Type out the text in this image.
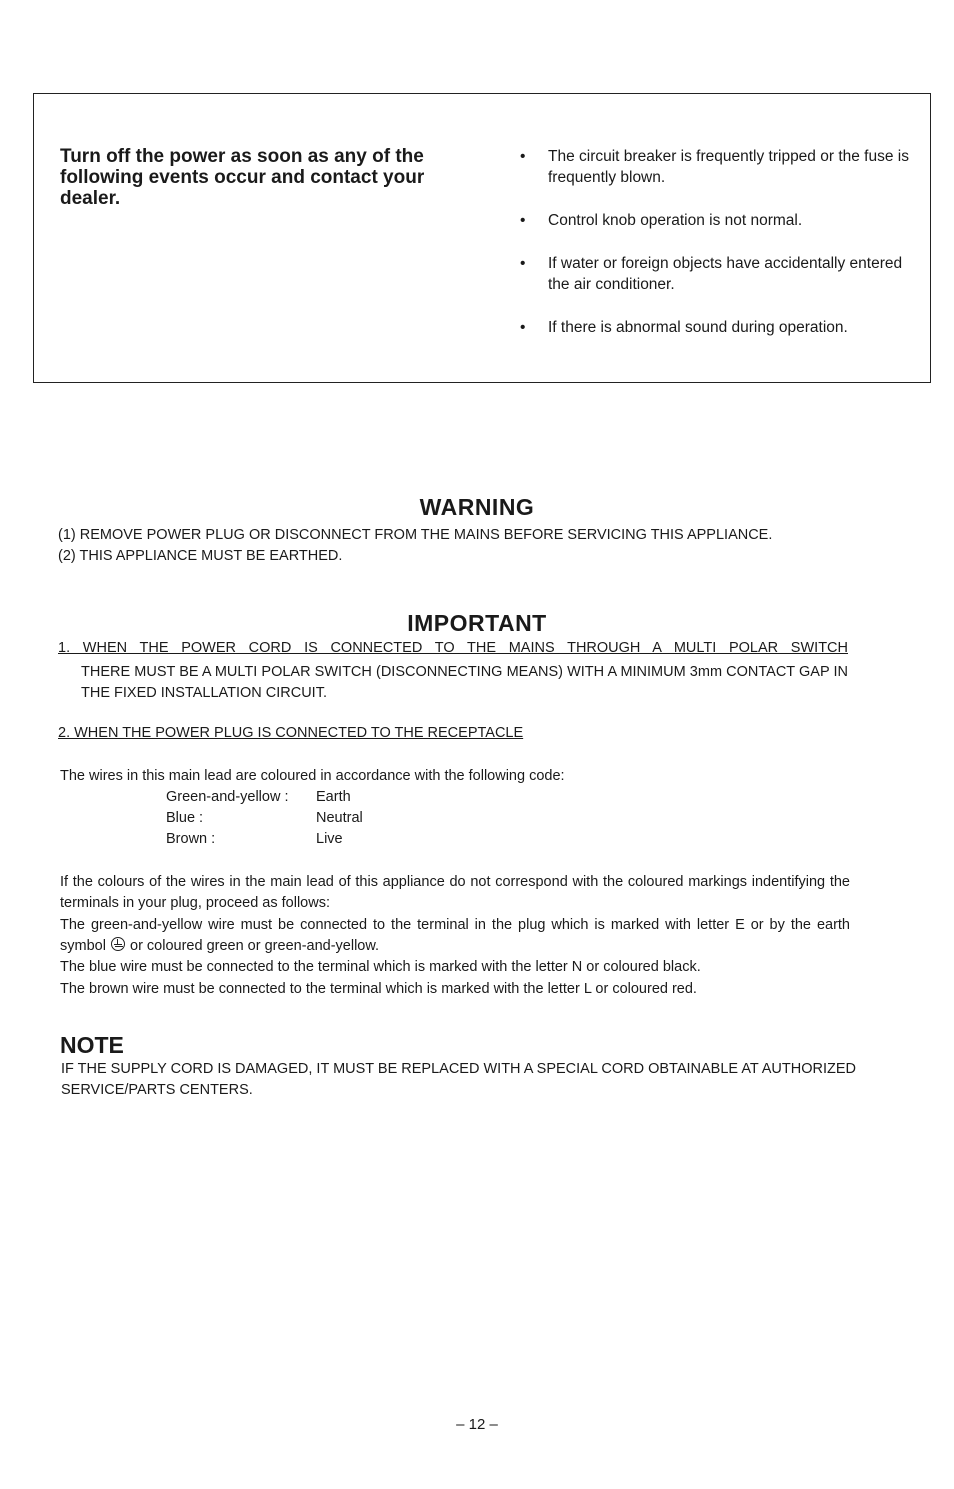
Turn off the power as soon as any of the following events occur and contact your dealer.
• The circuit breaker is frequently tripped or the fuse is frequently blown.
• Control knob operation is not normal.
• If water or foreign objects have accidentally entered the air conditioner.
• If there is abnormal sound during operation.
WARNING

(1) REMOVE POWER PLUG OR DISCONNECT FROM THE MAINS BEFORE SERVICING THIS APPLIANCE.

(2) THIS APPLIANCE MUST BE EARTHED.

IMPORTANT

1. WHEN THE POWER CORD IS CONNECTED TO THE MAINS THROUGH A MULTI POLAR SWITCH

THERE MUST BE A MULTI POLAR SWITCH (DISCONNECTING MEANS) WITH A MINIMUM 3mm CONTACT GAP IN THE FIXED INSTALLATION CIRCUIT.

2. WHEN THE POWER PLUG IS CONNECTED TO THE RECEPTACLE

The wires in this main lead are coloured in accordance with the following code:

Green-and-yellow : Earth
Blue :	Neutral
Brown :	Live

If the colours of the wires in the main lead of this appliance do not correspond with the coloured markings indentifying the terminals in your plug, proceed as follows:

The green-and-yellow wire must be connected to the terminal in the plug which is marked with letter E or by the earth symbol or coloured green or green-and-yellow.

The blue wire must be connected to the terminal which is marked with the letter N or coloured black.

The brown wire must be connected to the terminal which is marked with the letter L or coloured red.

NOTE

IF THE SUPPLY CORD IS DAMAGED, IT MUST BE REPLACED WITH A SPECIAL CORD OBTAINABLE AT AUTHORIZED SERVICE/PARTS CENTERS.

– 12 –
